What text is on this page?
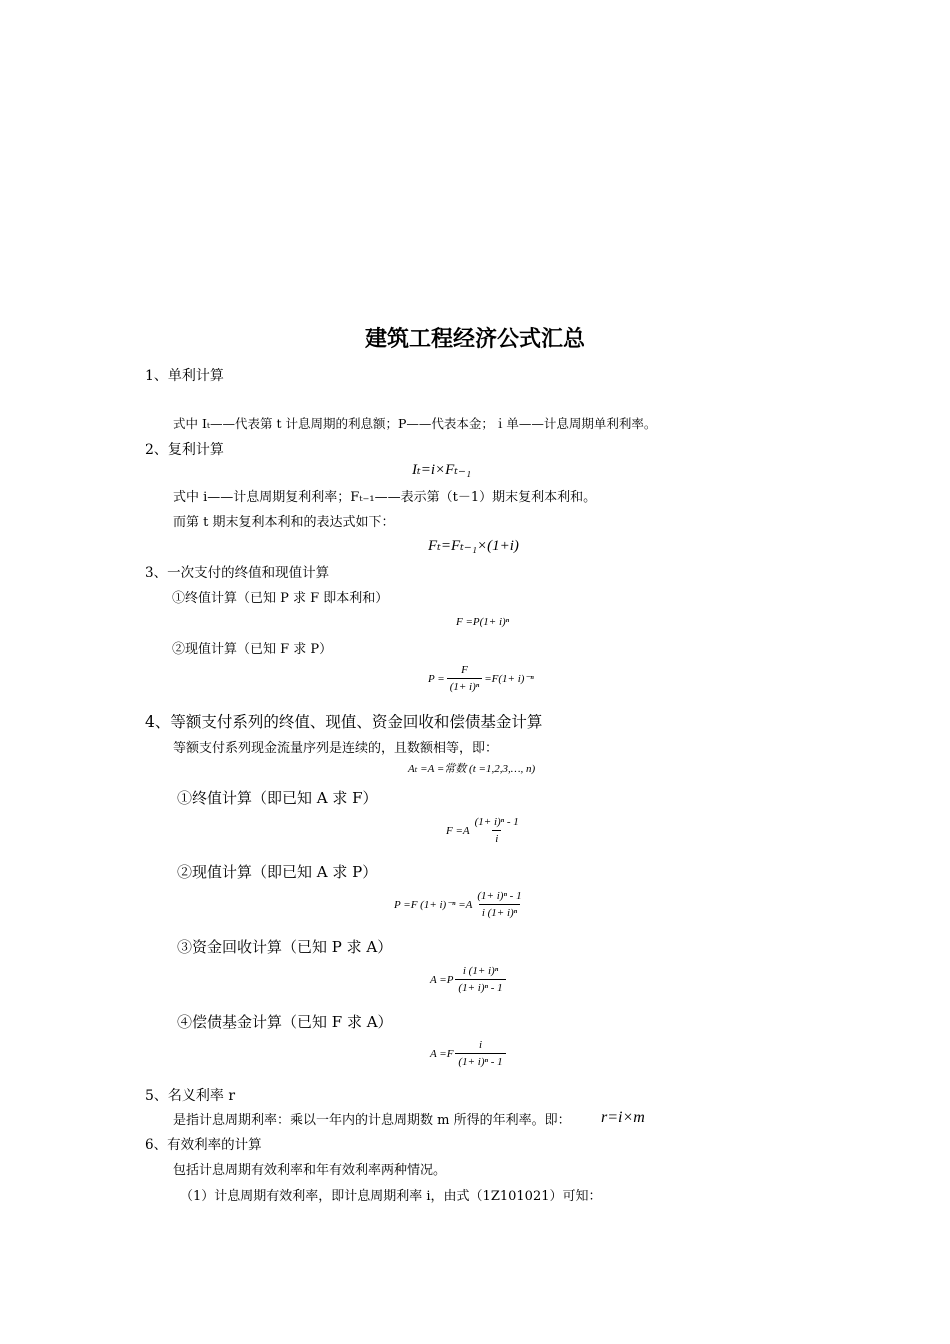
建筑工程经济公式汇总
1、单利计算
式中 Iₜ——代表第 t 计息周期的利息额；P——代表本金；ｉ单——计息周期单利利率。
2、复利计算
Iₜ=i×Fₜ₋₁
式中 i——计息周期复利利率；Fₜ₋₁——表示第（t－1）期末复利本利和。
而第 t 期末复利本利和的表达式如下：
Fₜ=Fₜ₋₁×(1+i)
3、一次支付的终值和现值计算
①终值计算（已知 P 求 F 即本利和）
F =P(1+ i)ⁿ
②现值计算（已知 F 求 P）
$P = \frac{F}{\text{(1+ i)ⁿ}} =F(1+ i)^{-n}$
4、等额支付系列的终值、现值、资金回收和偿债基金计算
等额支付系列现金流量序列是连续的，且数额相等，即：
Aₜ =A =常数 (t =1,2,3,…, n)
①终值计算（即已知 A 求 F）
$F =A \frac{\text{(1+ i)ⁿ - 1}}{i}$
②现值计算（即已知 A 求 P）
P =F $(1+ i)^{-n} =A \frac{\text{(1+ i)ⁿ - 1}}{\text{i (1+ i)ⁿ}}$
③资金回收计算（已知 P 求 A）
$A =P \frac{\text{i (1+ i)ⁿ}}{\text{(1+ i)ⁿ - 1}}$
④偿债基金计算（已知 F 求 A）
$A =F \frac{i}{\text{(1+ i)ⁿ - 1}}$
5、名义利率 r
是指计息周期利率：乘以一年内的计息周期数 m 所得的年利率。即： r=i×m
6、有效利率的计算
包括计息周期有效利率和年有效利率两种情况。
（1）计息周期有效利率，即计息周期利率 i，由式（1Z101021）可知：
